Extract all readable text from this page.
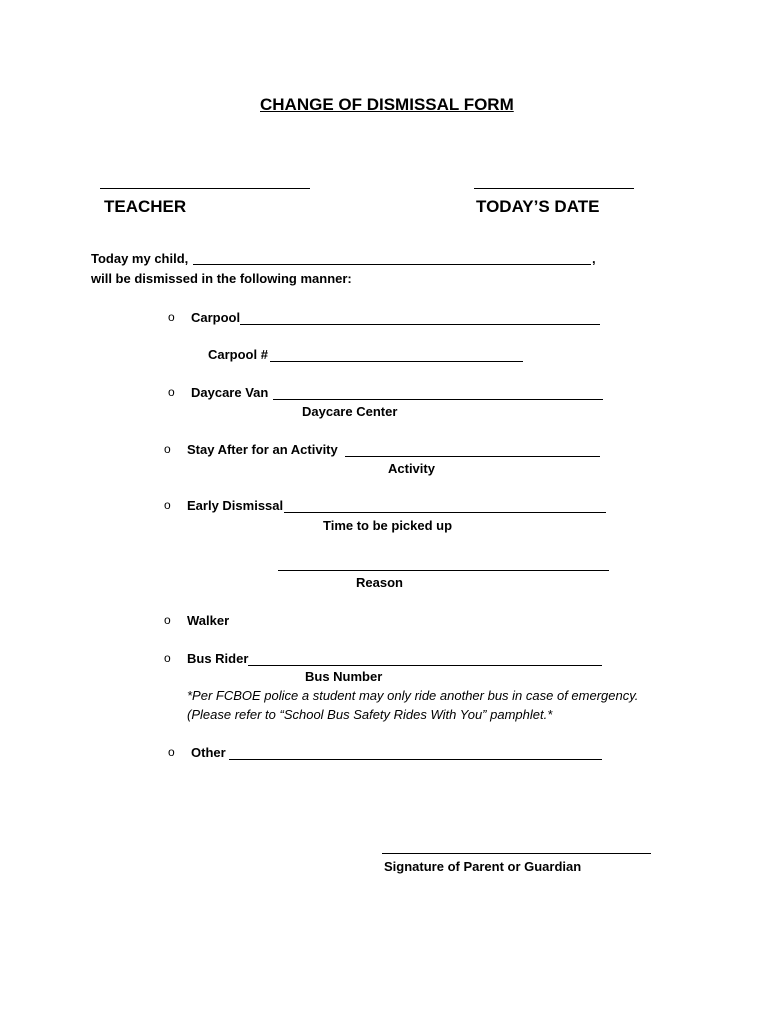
CHANGE OF DISMISSAL FORM
TEACHER	TODAY’S DATE
Today my child,	,
will be dismissed in the following manner:
o Carpool
Carpool #
o Daycare Van
Daycare Center
o Stay After for an Activity
Activity
o Early Dismissal
Time to be picked up
Reason
o Walker
o Bus Rider
Bus Number
*Per FCBOE police a student may only ride another bus in case of emergency.
(Please refer to “School Bus Safety Rides With You” pamphlet.*
o Other
Signature of Parent or Guardian
